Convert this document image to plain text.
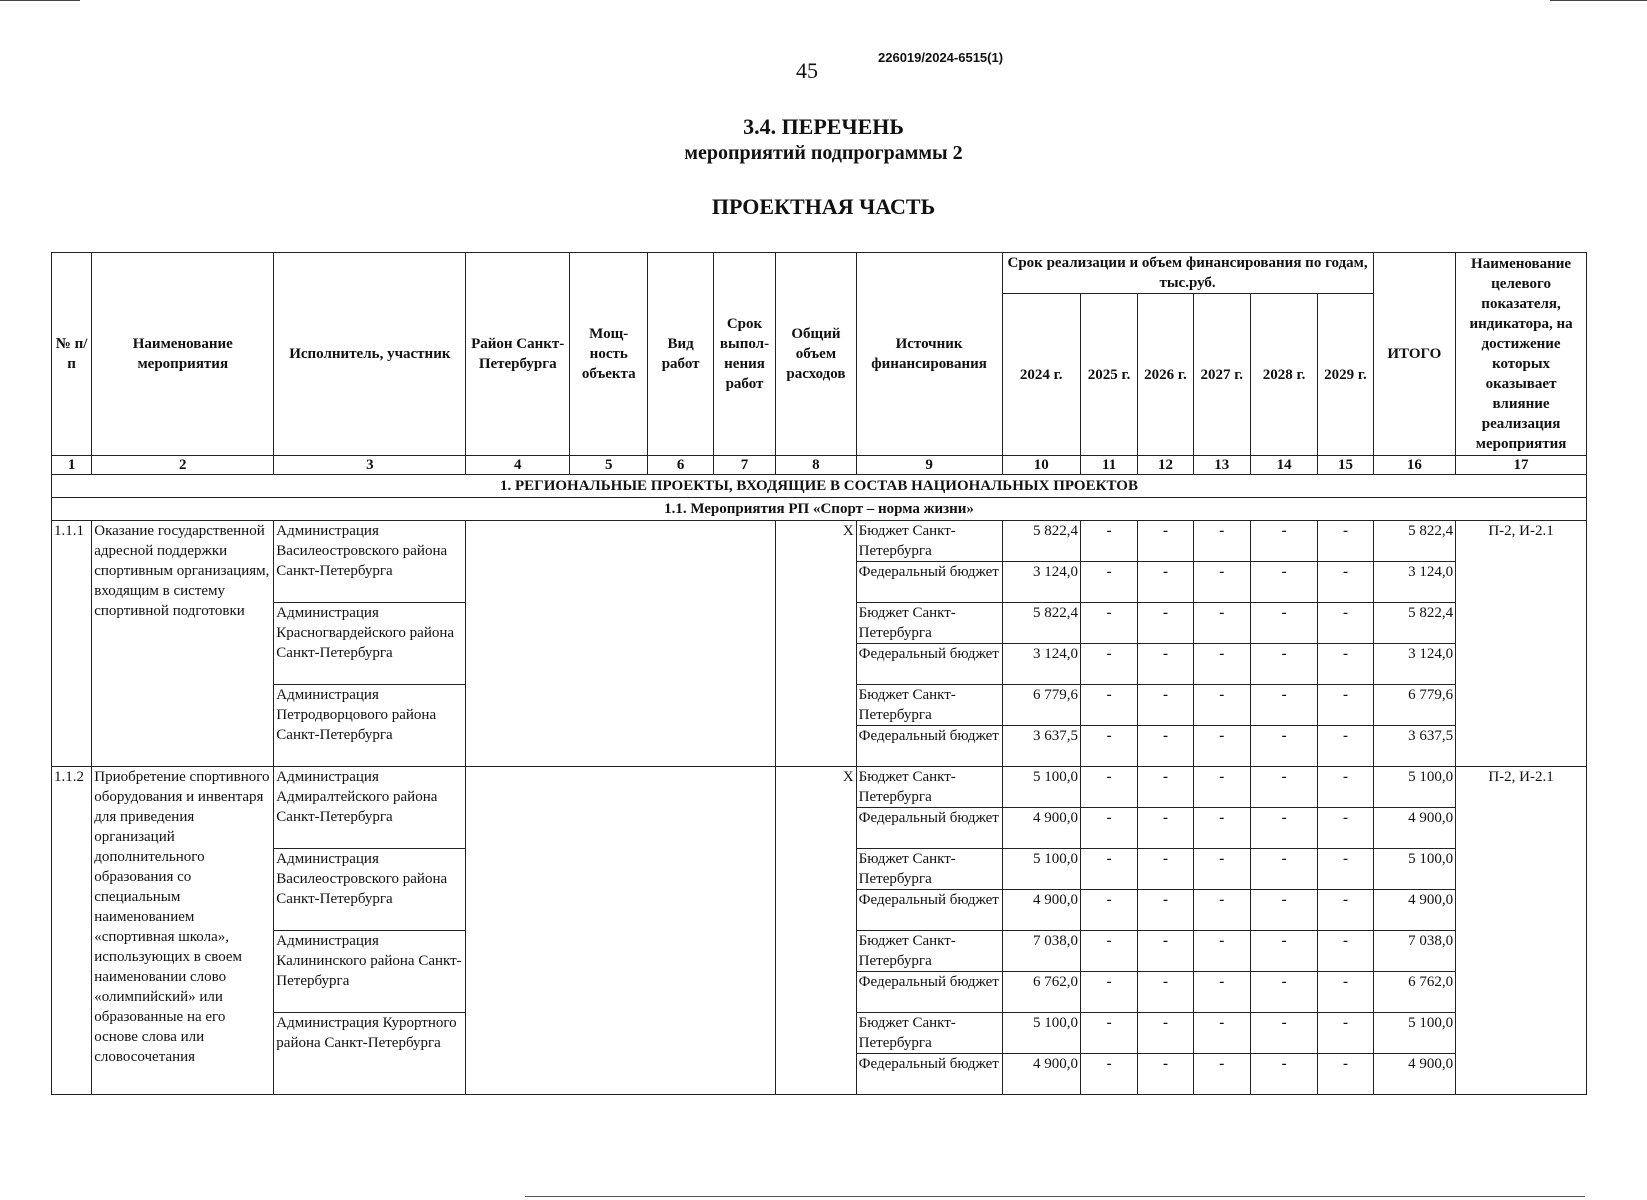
45
226019/2024-6515(1)
3.4. ПЕРЕЧЕНЬ
мероприятий подпрограммы 2
ПРОЕКТНАЯ ЧАСТЬ
№ п/п	Наименование мероприятия	Исполнитель, участник	Район Санкт-Петербурга	Мощ-ность объекта	Вид работ	Срок выпол-нения работ	Общий объем расходов	Источник финансирования	Срок реализации и объем финансирования по годам, тыс.руб.						ИТОГО	Наименование целевого показателя, индикатора, на достижение которых оказывает влияние реализация мероприятия
									2024 г.	2025 г.	2026 г.	2027 г.	2028 г.	2029 г.		
1	2	3	4	5	6	7	8	9	10	11	12	13	14	15	16	17
1. РЕГИОНАЛЬНЫЕ ПРОЕКТЫ, ВХОДЯЩИЕ В СОСТАВ НАЦИОНАЛЬНЫХ ПРОЕКТОВ																
1.1. Мероприятия РП «Спорт – норма жизни»																
1.1.1	Оказание государственной адресной поддержки спортивным организациям, входящим в систему спортивной подготовки	Администрация Василеостровского района Санкт-Петербурга					X	Бюджет Санкт-Петербурга	5 822,4	-	-	-	-	-	5 822,4	П-2, И-2.1
								Федеральный бюджет	3 124,0	-	-	-	-	-	3 124,0	
		Администрация Красногвардейского района Санкт-Петербурга						Бюджет Санкт-Петербурга	5 822,4	-	-	-	-	-	5 822,4	
								Федеральный бюджет	3 124,0	-	-	-	-	-	3 124,0	
		Администрация Петродворцового района Санкт-Петербурга						Бюджет Санкт-Петербурга	6 779,6	-	-	-	-	-	6 779,6	
								Федеральный бюджет	3 637,5	-	-	-	-	-	3 637,5	
1.1.2	Приобретение спортивного оборудования и инвентаря для приведения организаций дополнительного образования со специальным наименованием «спортивная школа», использующих в своем наименовании слово «олимпийский» или образованные на его основе слова или словосочетания	Администрация Адмиралтейского района Санкт-Петербурга					X	Бюджет Санкт-Петербурга	5 100,0	-	-	-	-	-	5 100,0	П-2, И-2.1
								Федеральный бюджет	4 900,0	-	-	-	-	-	4 900,0	
		Администрация Василеостровского района Санкт-Петербурга						Бюджет Санкт-Петербурга	5 100,0	-	-	-	-	-	5 100,0	
								Федеральный бюджет	4 900,0	-	-	-	-	-	4 900,0	
		Администрация Калининского района Санкт-Петербурга						Бюджет Санкт-Петербурга	7 038,0	-	-	-	-	-	7 038,0	
								Федеральный бюджет	6 762,0	-	-	-	-	-	6 762,0	
		Администрация Курортного района Санкт-Петербурга						Бюджет Санкт-Петербурга	5 100,0	-	-	-	-	-	5 100,0	
								Федеральный бюджет	4 900,0	-	-	-	-	-	4 900,0	
